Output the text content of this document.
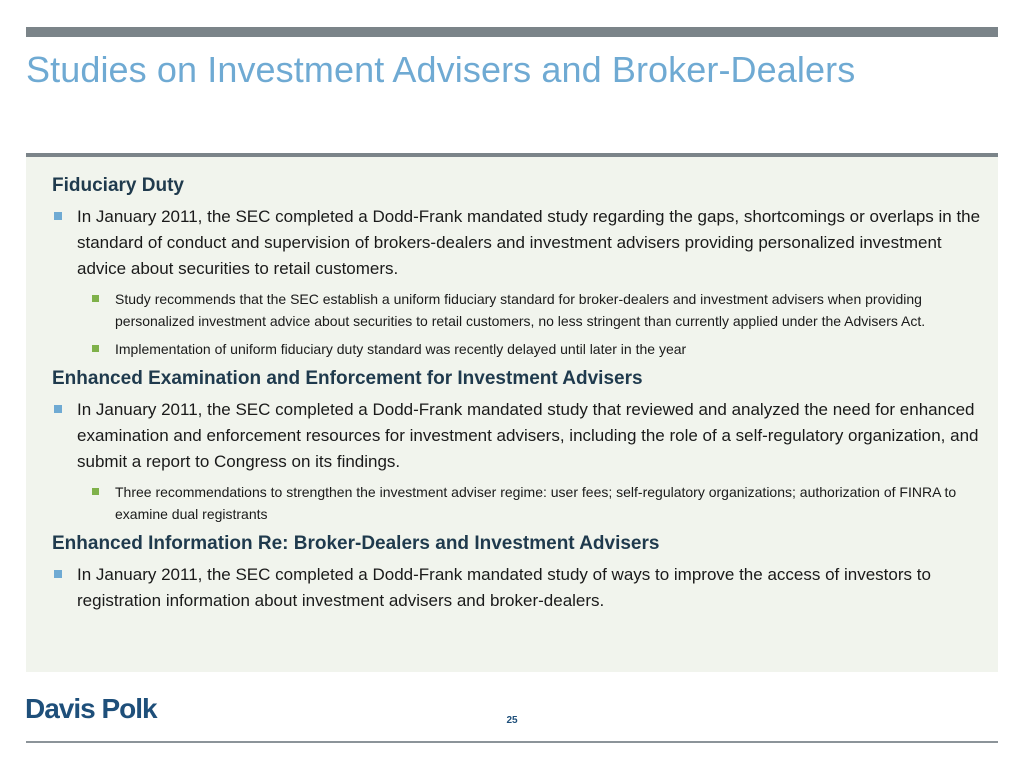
Studies on Investment Advisers and Broker-Dealers

Fiduciary Duty

In January 2011, the SEC completed a Dodd-Frank mandated study regarding the gaps, shortcomings or overlaps in the standard of conduct and supervision of brokers-dealers and investment advisers providing personalized investment advice about securities to retail customers.
Study recommends that the SEC establish a uniform fiduciary standard for broker-dealers and investment advisers when providing personalized investment advice about securities to retail customers, no less stringent than currently applied under the Advisers Act.
Implementation of uniform fiduciary duty standard was recently delayed until later in the year

Enhanced Examination and Enforcement for Investment Advisers

In January 2011, the SEC completed a Dodd-Frank mandated study that reviewed and analyzed the need for enhanced examination and enforcement resources for investment advisers, including the role of a self-regulatory organization, and submit a report to Congress on its findings.
Three recommendations to strengthen the investment adviser regime: user fees; self-regulatory organizations; authorization of FINRA to examine dual registrants

Enhanced Information Re: Broker-Dealers and Investment Advisers

In January 2011, the SEC completed a Dodd-Frank mandated study of ways to improve the access of investors to registration information about investment advisers and broker-dealers.
Davis Polk	25
